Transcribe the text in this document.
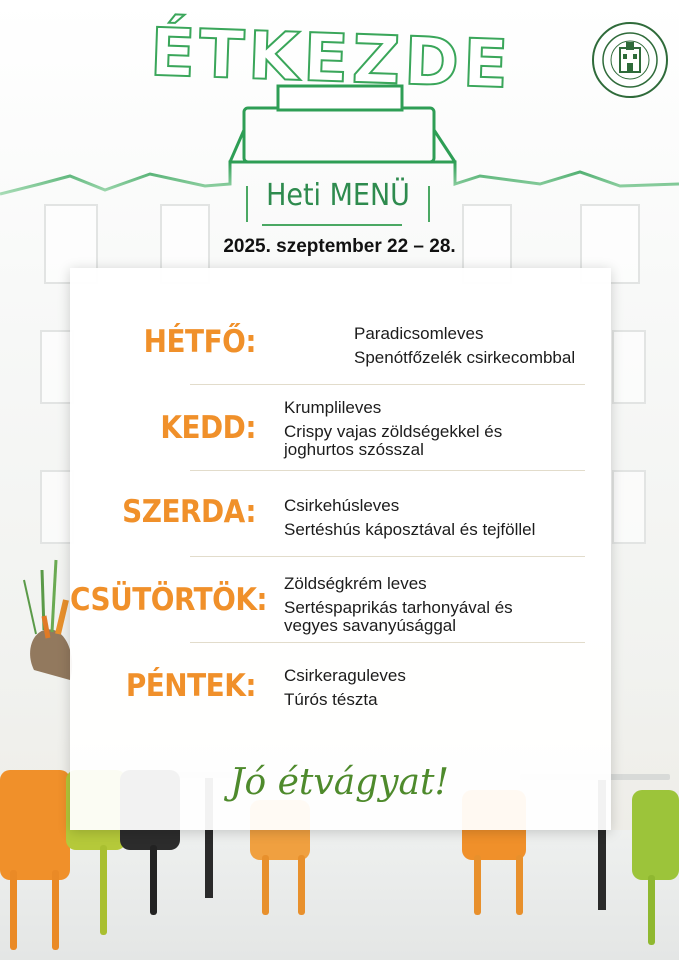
ÉTKEZDE
Heti MENÜ
2025. szeptember 22 – 28.
HÉTFŐ:	Paradicsomleves
Spenótfőzelék csirkecombbal
KEDD:
Krumplileves
Crispy vajas zöldségekkel és
joghurtos szósszal
SZERDA: Csirkehúsleves
Sertéshús káposztával és tejföllel
CSÜTÖRTÖK: Zöldségkrém leves
Sertéspaprikás tarhonyával és
vegyes savanyúsággal
PÉNTEK: Csirkeraguleves
Túrós tészta
Jó étvágyat!
